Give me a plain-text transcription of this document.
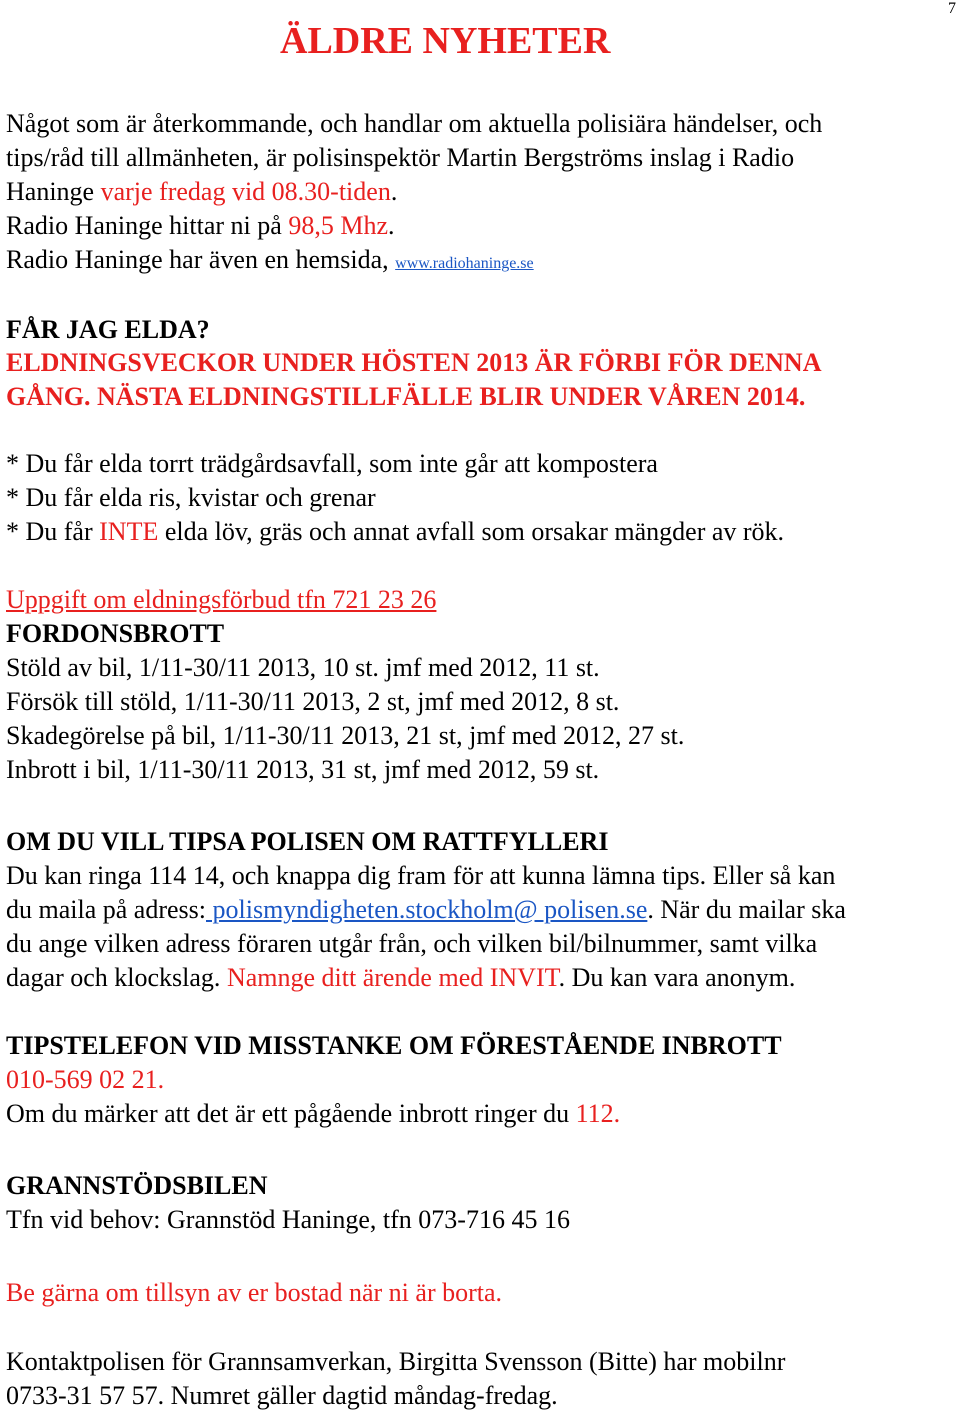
7
ÄLDRE NYHETER
Något som är återkommande, och handlar om aktuella polisiära händelser, och
tips/råd till allmänheten, är polisinspektör Martin Bergströms inslag i Radio
Haninge varje fredag vid 08.30-tiden.
Radio Haninge hittar ni på 98,5 Mhz.
Radio Haninge har även en hemsida, www.radiohaninge.se
FÅR JAG ELDA?
ELDNINGSVECKOR UNDER HÖSTEN 2013 ÄR FÖRBI FÖR DENNA
GÅNG. NÄSTA ELDNINGSTILLFÄLLE BLIR UNDER VÅREN 2014.
* Du får elda torrt trädgårdsavfall, som inte går att kompostera
* Du får elda ris, kvistar och grenar
* Du får INTE elda löv, gräs och annat avfall som orsakar mängder av rök.
Uppgift om eldningsförbud tfn 721 23 26
FORDONSBROTT
Stöld av bil, 1/11-30/11 2013, 10 st. jmf med 2012, 11 st.
Försök till stöld, 1/11-30/11 2013, 2 st, jmf med 2012, 8 st.
Skadegörelse på bil, 1/11-30/11 2013, 21 st, jmf med 2012, 27 st.
Inbrott i bil, 1/11-30/11 2013, 31 st, jmf med 2012, 59 st.
OM DU VILL TIPSA POLISEN OM RATTFYLLERI
Du kan ringa 114 14, och knappa dig fram för att kunna lämna tips. Eller så kan
du maila på adress: polismyndigheten.stockholm@ polisen.se. När du mailar ska
du ange vilken adress föraren utgår från, och vilken bil/bilnummer, samt vilka
dagar och klockslag. Namnge ditt ärende med INVIT. Du kan vara anonym.
TIPSTELEFON VID MISSTANKE OM FÖRESTÅENDE INBROTT
010-569 02 21.
Om du märker att det är ett pågående inbrott ringer du 112.
GRANNSTÖDSBILEN
Tfn vid behov: Grannstöd Haninge, tfn 073-716 45 16
Be gärna om tillsyn av er bostad när ni är borta.
Kontaktpolisen för Grannsamverkan, Birgitta Svensson (Bitte) har mobilnr
0733-31 57 57. Numret gäller dagtid måndag-fredag.
